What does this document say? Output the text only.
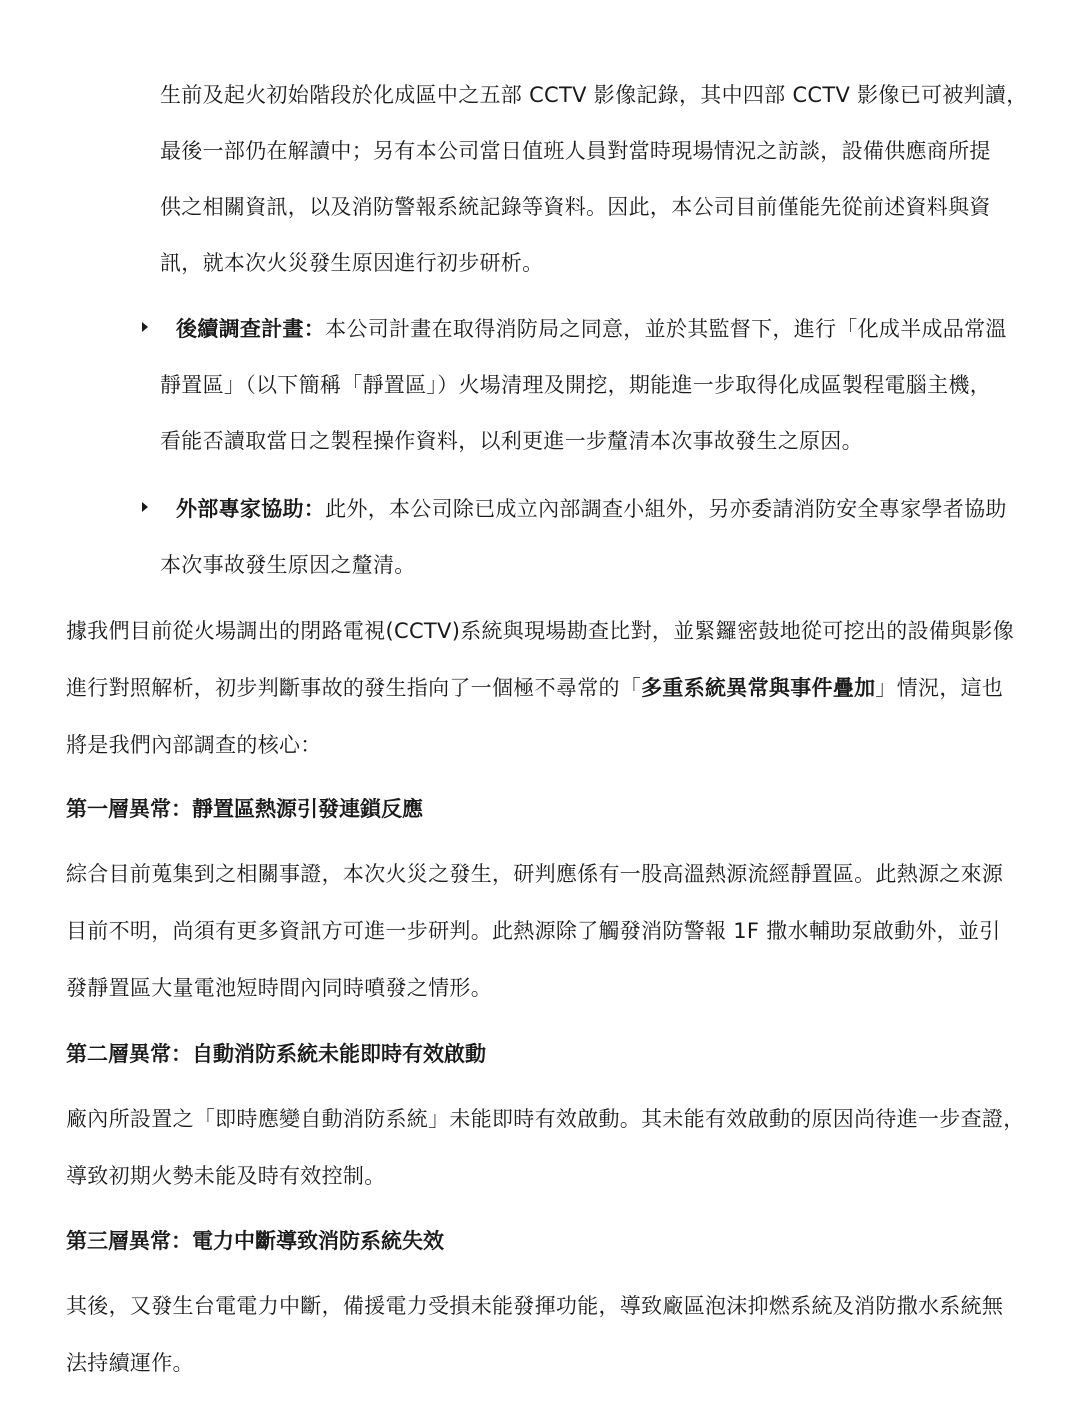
生前及起火初始階段於化成區中之五部 CCTV 影像記錄，其中四部 CCTV 影像已可被判讀，
最後一部仍在解讀中；另有本公司當日值班人員對當時現場情況之訪談，設備供應商所提
供之相關資訊，以及消防警報系統記錄等資料。因此，本公司目前僅能先從前述資料與資
訊，就本次火災發生原因進行初步研析。
後續調查計畫：本公司計畫在取得消防局之同意，並於其監督下，進行「化成半成品常溫
靜置區」（以下簡稱「靜置區」）火場清理及開挖，期能進一步取得化成區製程電腦主機，
看能否讀取當日之製程操作資料，以利更進一步釐清本次事故發生之原因。
外部專家協助：此外，本公司除已成立內部調查小組外，另亦委請消防安全專家學者協助
本次事故發生原因之釐清。
據我們目前從火場調出的閉路電視(CCTV)系統與現場勘查比對，並緊鑼密鼓地從可挖出的設備與影像
進行對照解析，初步判斷事故的發生指向了一個極不尋常的「多重系統異常與事件疊加」情況，這也
將是我們內部調查的核心：
第一層異常：靜置區熱源引發連鎖反應
綜合目前蒐集到之相關事證，本次火災之發生，研判應係有一股高溫熱源流經靜置區。此熱源之來源
目前不明，尚須有更多資訊方可進一步研判。此熱源除了觸發消防警報 1F 撒水輔助泵啟動外，並引
發靜置區大量電池短時間內同時噴發之情形。
第二層異常：自動消防系統未能即時有效啟動
廠內所設置之「即時應變自動消防系統」未能即時有效啟動。其未能有效啟動的原因尚待進一步查證，
導致初期火勢未能及時有效控制。
第三層異常：電力中斷導致消防系統失效
其後，又發生台電電力中斷，備援電力受損未能發揮功能，導致廠區泡沫抑燃系統及消防撒水系統無
法持續運作。
